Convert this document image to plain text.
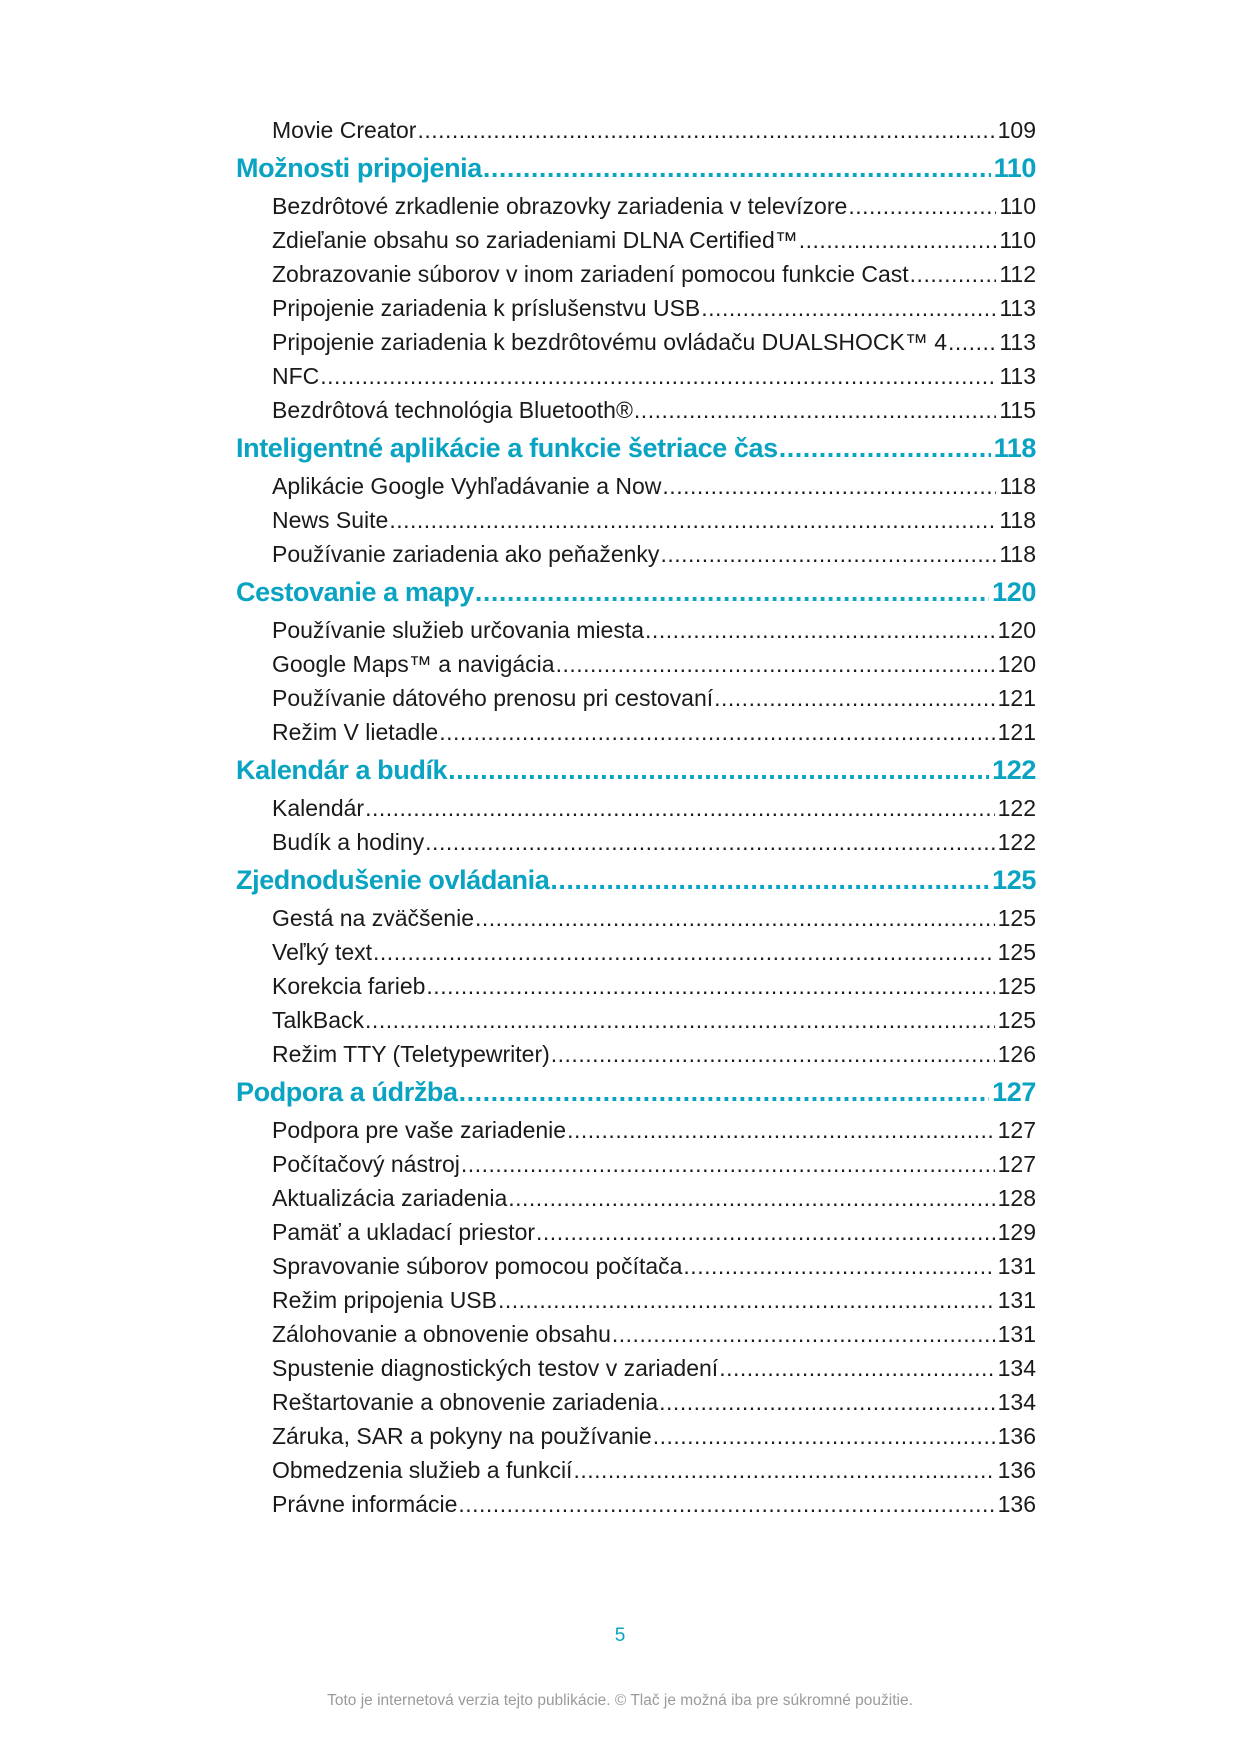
Movie Creator .....	109
Možnosti pripojenia .....	110
Bezdrôtové zrkadlenie obrazovky zariadenia v televízore .....	110
Zdieľanie obsahu so zariadeniami DLNA Certified™ .....	110
Zobrazovanie súborov v inom zariadení pomocou funkcie Cast .....	112
Pripojenie zariadenia k príslušenstvu USB .....	113
Pripojenie zariadenia k bezdrôtovému ovládaču DUALSHOCK™ 4 ..... 113
NFC .....	113
Bezdrôtová technológia Bluetooth® .....	115
Inteligentné aplikácie a funkcie šetriace čas .....	118
Aplikácie Google Vyhľadávanie a Now .....	118
News Suite .....	118
Používanie zariadenia ako peňaženky .....	118
Cestovanie a mapy .....	120
Používanie služieb určovania miesta .....	120
Google Maps™ a navigácia .....	120
Používanie dátového prenosu pri cestovaní .....	121
Režim V lietadle .....	121
Kalendár a budík .....	122
Kalendár .....	122
Budík a hodiny .....	122
Zjednodušenie ovládania .....	125
Gestá na zväčšenie .....	125
Veľký text .....	125
Korekcia farieb .....	125
TalkBack .....	125
Režim TTY (Teletypewriter) .....	126
Podpora a údržba .....	127
Podpora pre vaše zariadenie .....	127
Počítačový nástroj .....	127
Aktualizácia zariadenia .....	128
Pamäť a ukladací priestor .....	129
Spravovanie súborov pomocou počítača .....	131
Režim pripojenia USB .....	131
Zálohovanie a obnovenie obsahu .....	131
Spustenie diagnostických testov v zariadení .....	134
Reštartovanie a obnovenie zariadenia .....	134
Záruka, SAR a pokyny na používanie .....	136
Obmedzenia služieb a funkcií .....	136
Právne informácie .....	136
5
Toto je internetová verzia tejto publikácie. © Tlač je možná iba pre súkromné použitie.
